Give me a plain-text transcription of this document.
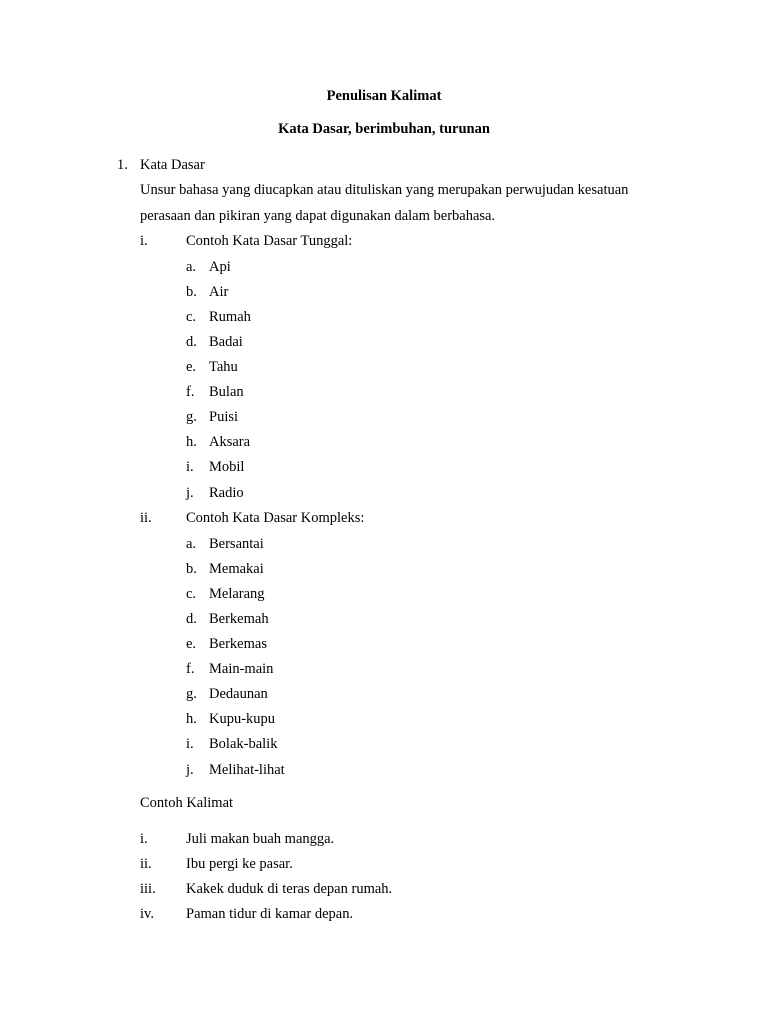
Penulisan Kalimat
Kata Dasar, berimbuhan, turunan
1. Kata Dasar
Unsur bahasa yang diucapkan atau dituliskan yang merupakan perwujudan kesatuan
perasaan dan pikiran yang dapat digunakan dalam berbahasa.
i.	Contoh Kata Dasar Tunggal:
a. Api
b. Air
c. Rumah
d. Badai
e. Tahu
f. Bulan
g. Puisi
h. Aksara
i. Mobil
j. Radio
ii. Contoh Kata Dasar Kompleks:
a. Bersantai
b. Memakai
c. Melarang
d. Berkemah
e. Berkemas
f. Main-main
g. Dedaunan
h. Kupu-kupu
i. Bolak-balik
j. Melihat-lihat
Contoh Kalimat
i.	Juli makan buah mangga.
ii. Ibu pergi ke pasar.
iii. Kakek duduk di teras depan rumah.
iv. Paman tidur di kamar depan.
